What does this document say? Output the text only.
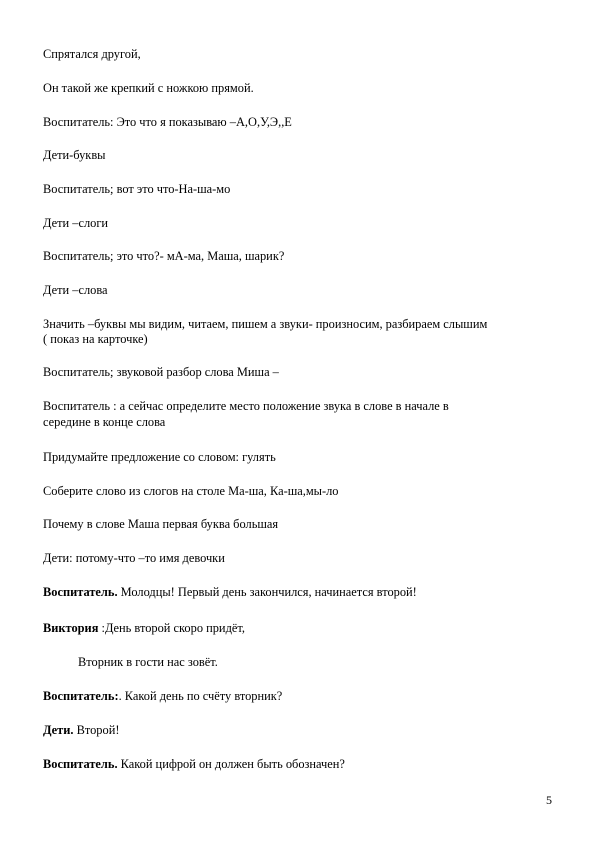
Спрятался другой,
Он такой же крепкий с ножкою прямой.
Воспитатель: Это что я показываю –А,О,У,Э,,Е
Дети-буквы
Воспитатель; вот это что-На-ша-мо
Дети –слоги
Воспитатель; это что?- мА-ма, Маша, шарик?
Дети –слова
Значить –буквы мы видим, читаем, пишем а звуки- произносим, разбираем слышим
( показ на карточке)
Воспитатель; звуковой разбор слова Миша –
Воспитатель : а сейчас определите место положение звука в слове в начале в
середине в конце слова
Придумайте предложение со словом: гулять
Соберите слово из слогов на столе Ма-ша, Ка-ша,мы-ло
Почему в слове Маша первая буква большая
Дети: потому-что –то имя девочки
Воспитатель. Молодцы! Первый день закончился, начинается второй!
Виктория :День второй скоро придёт,
Вторник в гости нас зовёт.
Воспитатель:. Какой день по счёту вторник?
Дети. Второй!
Воспитатель. Какой цифрой он должен быть обозначен?
5
